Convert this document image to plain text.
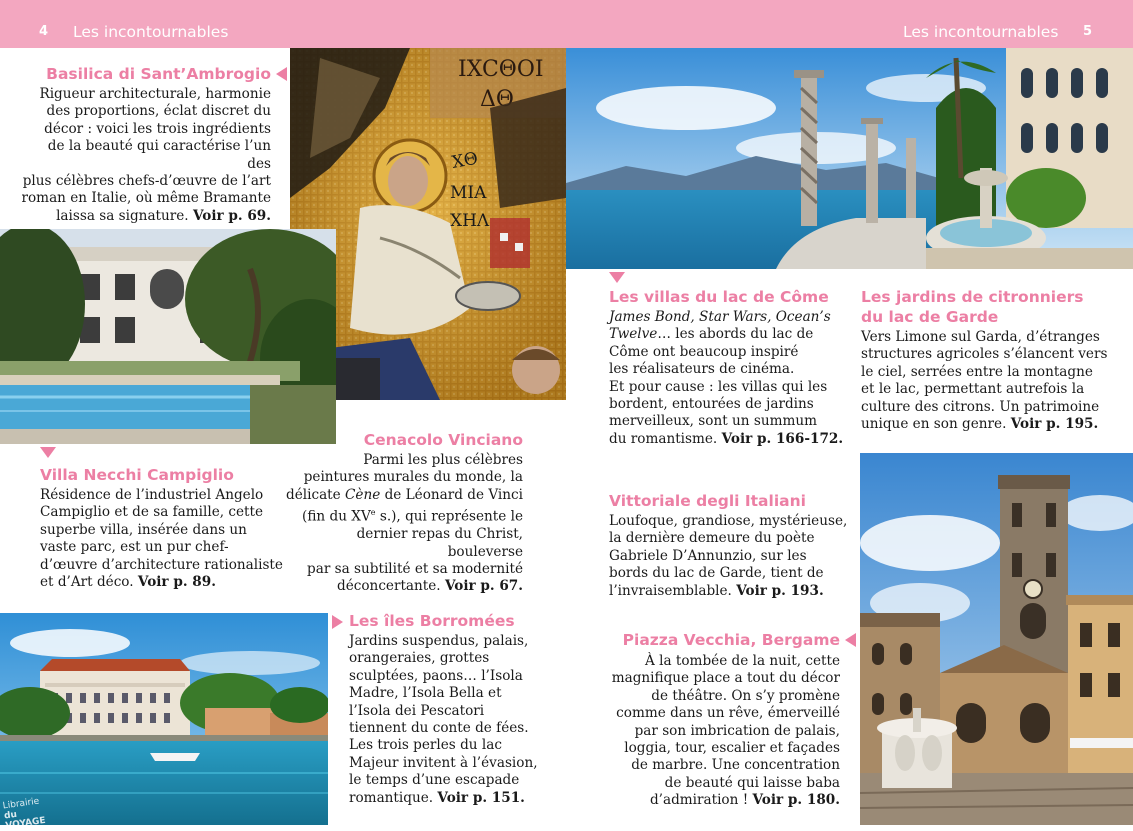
4 Les incontournables	Les incontournables 5
IXCΘΟΙ
ΔΘ
ΧΘ
ΜΙΑ
ΧΗΛ
Basilica di Sant’Ambrogio
Rigueur architecturale, harmonie
des proportions, éclat discret du
décor : voici les trois ingrédients
de la beauté qui caractérise l’un des
plus célèbres chefs-d’œuvre de l’art
roman en Italie, où même Bramante
laissa sa signature. Voir p. 69.
Villa Necchi Campiglio
Résidence de l’industriel Angelo
Campiglio et de sa famille, cette
superbe villa, insérée dans un
vaste parc, est un pur chef-
d’œuvre d’architecture rationaliste
et d’Art déco. Voir p. 89.
Cenacolo Vinciano
Parmi les plus célèbres
peintures murales du monde, la
délicate Cène de Léonard de Vinci
(fin du XVe s.), qui représente le
dernier repas du Christ, bouleverse
par sa subtilité et sa modernité
déconcertante. Voir p. 67.
Les îles Borromées
Jardins suspendus, palais,
orangeraies, grottes
sculptées, paons… l’Isola
Madre, l’Isola Bella et
l’Isola dei Pescatori
tiennent du conte de fées.
Les trois perles du lac
Majeur invitent à l’évasion,
le temps d’une escapade
romantique. Voir p. 151.
Les villas du lac de Côme
James Bond, Star Wars, Ocean’s
Twelve… les abords du lac de
Côme ont beaucoup inspiré
les réalisateurs de cinéma.
Et pour cause : les villas qui les
bordent, entourées de jardins
merveilleux, sont un summum
du romantisme. Voir p. 166-172.
Les jardins de citronniers
du lac de Garde
Vers Limone sul Garda, d’étranges
structures agricoles s’élancent vers
le ciel, serrées entre la montagne
et le lac, permettant autrefois la
culture des citrons. Un patrimoine
unique en son genre. Voir p. 195.
Vittoriale degli Italiani
Loufoque, grandiose, mystérieuse,
la dernière demeure du poète
Gabriele D’Annunzio, sur les
bords du lac de Garde, tient de
l’invraisemblable. Voir p. 193.
Piazza Vecchia, Bergame
À la tombée de la nuit, cette
magnifique place a tout du décor
de théâtre. On s’y promène
comme dans un rêve, émerveillé
par son imbrication de palais,
loggia, tour, escalier et façades
de marbre. Une concentration
de beauté qui laisse baba
d’admiration ! Voir p. 180.
Librairie
du VOYAGE
